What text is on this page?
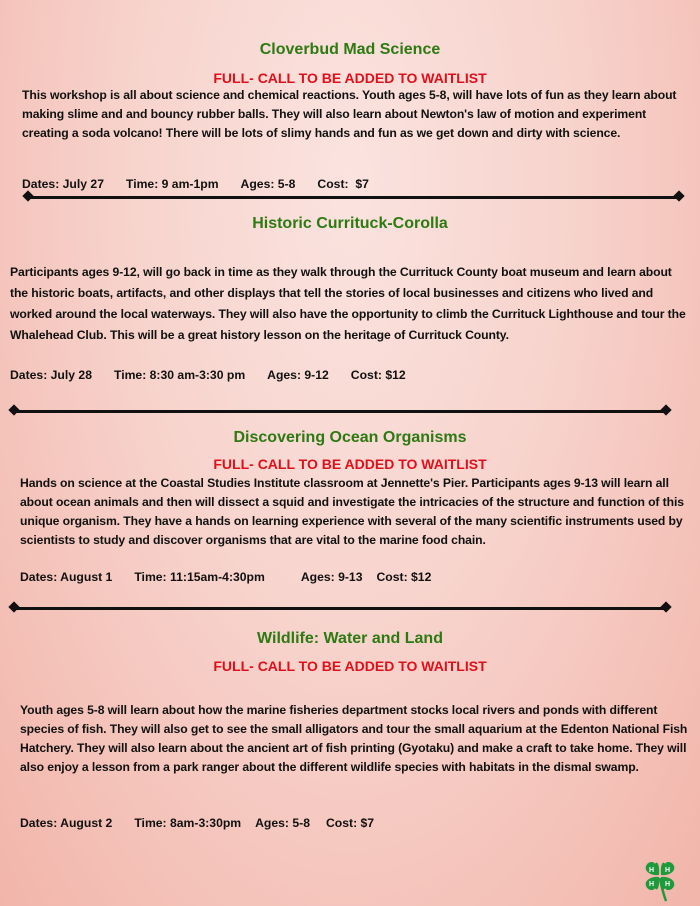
Cloverbud Mad Science
FULL- CALL TO BE ADDED TO WAITLIST
This workshop is all about science and chemical reactions. Youth ages 5-8, will have lots of fun as they learn about making slime and and bouncy rubber balls. They will also learn about Newton's law of motion and experiment creating a soda volcano! There will be lots of slimy hands and fun as we get down and dirty with science.
Dates: July 27 Time: 9 am-1pm Ages: 5-8 Cost:  $7
Historic Currituck-Corolla
Participants ages 9-12, will go back in time as they walk through the Currituck County boat museum and learn about the historic boats, artifacts, and other displays that tell the stories of local businesses and citizens who lived and worked around the local waterways. They will also have the opportunity to climb the Currituck Lighthouse and tour the Whalehead Club. This will be a great history lesson on the heritage of Currituck County.
Dates: July 28 Time: 8:30 am-3:30 pm Ages: 9-12 Cost: $12
Discovering Ocean Organisms
FULL- CALL TO BE ADDED TO WAITLIST
Hands on science at the Coastal Studies Institute classroom at Jennette's Pier. Participants ages 9-13 will learn all about ocean animals and then will dissect a squid and investigate the intricacies of the structure and function of this unique organism. They have a hands on learning experience with several of the many scientific instruments used by scientists to study and discover organisms that are vital to the marine food chain.
Dates: August 1 Time: 11:15am-4:30pm	Ages: 9-13 Cost: $12
Wildlife: Water and Land
FULL- CALL TO BE ADDED TO WAITLIST
Youth ages 5-8 will learn about how the marine fisheries department stocks local rivers and ponds with different species of fish. They will also get to see the small alligators and tour the small aquarium at the Edenton National Fish Hatchery. They will also learn about the ancient art of fish printing (Gyotaku) and make a craft to take home. They will also enjoy a lesson from a park ranger about the different wildlife species with habitats in the dismal swamp.
Dates: August 2 Time: 8am-3:30pm Ages: 5-8 Cost: $7
H H
H H
